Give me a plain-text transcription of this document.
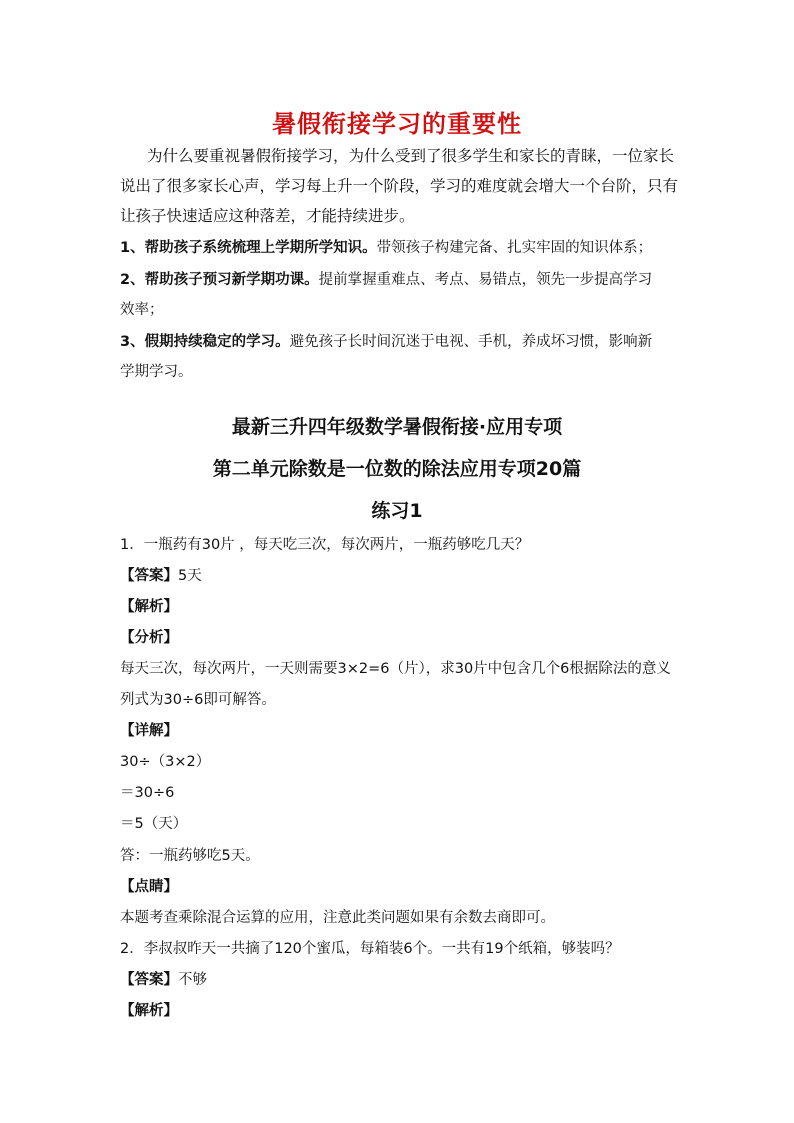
暑假衔接学习的重要性
为什么要重视暑假衔接学习，为什么受到了很多学生和家长的青睐，一位家长
说出了很多家长心声，学习每上升一个阶段，学习的难度就会增大一个台阶，只有
让孩子快速适应这种落差，才能持续进步。
1、帮助孩子系统梳理上学期所学知识。带领孩子构建完备、扎实牢固的知识体系；
2、帮助孩子预习新学期功课。提前掌握重难点、考点、易错点，领先一步提高学习
效率；
3、假期持续稳定的学习。避免孩子长时间沉迷于电视、手机，养成坏习惯，影响新
学期学习。
最新三升四年级数学暑假衔接·应用专项
第二单元除数是一位数的除法应用专项20篇
练习1
1．一瓶药有30片 ，每天吃三次，每次两片，一瓶药够吃几天？
【答案】5天
【解析】
【分析】
每天三次，每次两片，一天则需要3×2=6（片），求30片中包含几个6根据除法的意义
列式为30÷6即可解答。
【详解】
30÷（3×2）
＝30÷6
＝5（天）
答：一瓶药够吃5天。
【点睛】
本题考查乘除混合运算的应用，注意此类问题如果有余数去商即可。
2．李叔叔昨天一共摘了120个蜜瓜，每箱装6个。一共有19个纸箱，够装吗？
【答案】不够
【解析】
